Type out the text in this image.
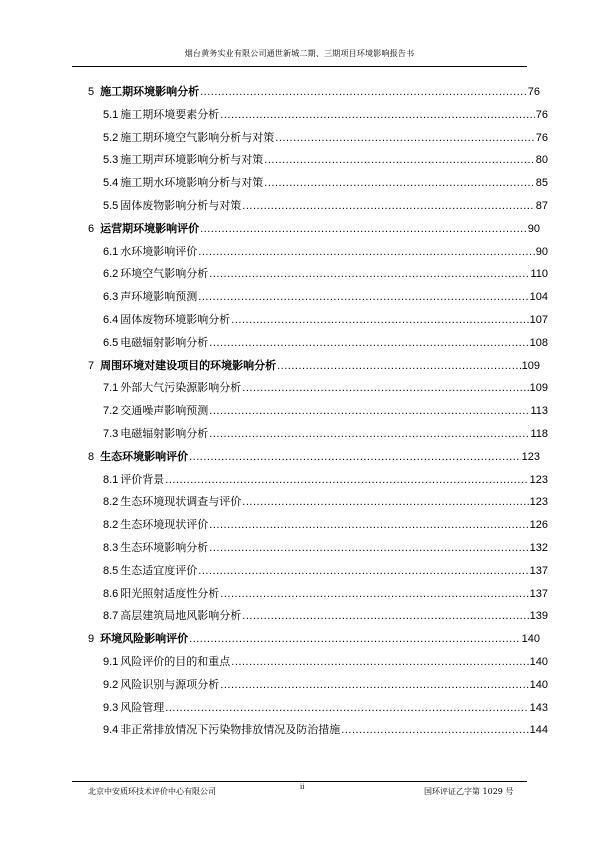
烟台黄务实业有限公司通世新城二期、三期项目环境影响报告书
5 施工期环境影响分析 .....	76
5.1 施工期环境要素分析 .....	76
5.2 施工期环境空气影响分析与对策 .....	76
5.3 施工期声环境影响分析与对策 .....	80
5.4 施工期水环境影响分析与对策 .....	85
5.5 固体废物影响分析与对策 .....	87
6 运营期环境影响评价 .....	90
6.1 水环境影响评价 .....	90
6.2 环境空气影响分析 .....	110
6.3 声环境影响预测 .....	104
6.4 固体废物环境影响分析 .....	107
6.5 电磁辐射影响分析 .....	108
7 周围环境对建设项目的环境影响分析 .....	109
7.1 外部大气污染源影响分析 .....	109
7.2 交通噪声影响预测 .....	113
7.3 电磁辐射影响分析 .....	118
8 生态环境影响评价 .....	123
8.1 评价背景 .....	123
8.2 生态环境现状调查与评价 .....	123
8.2 生态环境现状评价 .....	126
8.3 生态环境影响分析 .....	132
8.5 生态适宜度评价 .....	137
8.6 阳光照射适度性分析 .....	137
8.7 高层建筑局地风影响分析 .....	139
9 环境风险影响评价 .....	140
9.1 风险评价的目的和重点 .....	140
9.2 风险识别与源项分析 .....	140
9.3 风险管理 .....	143
9.4 非正常排放情况下污染物排放情况及防治措施 .....	144
北京中安质环技术评价中心有限公司
ii
国环评证乙字第 1029 号
